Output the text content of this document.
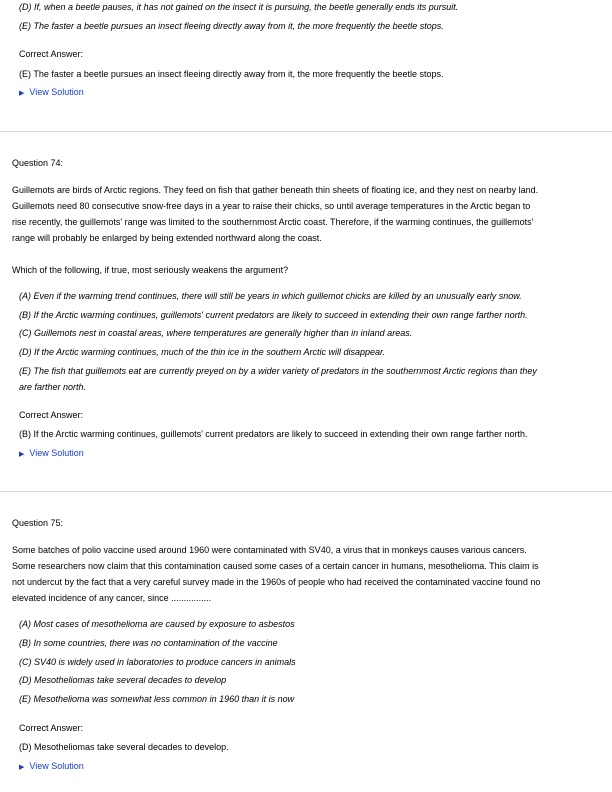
(D) If, when a beetle pauses, it has not gained on the insect it is pursuing, the beetle generally ends its pursuit.
(E) The faster a beetle pursues an insect fleeing directly away from it, the more frequently the beetle stops.
Correct Answer:
(E) The faster a beetle pursues an insect fleeing directly away from it, the more frequently the beetle stops.
▶ View Solution
Question 74:
Guillemots are birds of Arctic regions. They feed on fish that gather beneath thin sheets of floating ice, and they nest on nearby land.
Guillemots need 80 consecutive snow-free days in a year to raise their chicks, so until average temperatures in the Arctic began to
rise recently, the guillemots' range was limited to the southernmost Arctic coast. Therefore, if the warming continues, the guillemots'
range will probably be enlarged by being extended northward along the coast.
Which of the following, if true, most seriously weakens the argument?
(A) Even if the warming trend continues, there will still be years in which guillemot chicks are killed by an unusually early snow.
(B) If the Arctic warming continues, guillemots' current predators are likely to succeed in extending their own range farther north.
(C) Guillemots nest in coastal areas, where temperatures are generally higher than in inland areas.
(D) If the Arctic warming continues, much of the thin ice in the southern Arctic will disappear.
(E) The fish that guillemots eat are currently preyed on by a wider variety of predators in the southernmost Arctic regions than they
are farther north.
Correct Answer:
(B) If the Arctic warming continues, guillemots' current predators are likely to succeed in extending their own range farther north.
▶ View Solution
Question 75:
Some batches of polio vaccine used around 1960 were contaminated with SV40, a virus that in monkeys causes various cancers.
Some researchers now claim that this contamination caused some cases of a certain cancer in humans, mesothelioma. This claim is
not undercut by the fact that a very careful survey made in the 1960s of people who had received the contaminated vaccine found no
elevated incidence of any cancer, since ................
(A) Most cases of mesothelioma are caused by exposure to asbestos
(B) In some countries, there was no contamination of the vaccine
(C) SV40 is widely used in laboratories to produce cancers in animals
(D) Mesotheliomas take several decades to develop
(E) Mesothelioma was somewhat less common in 1960 than it is now
Correct Answer:
(D) Mesotheliomas take several decades to develop.
▶ View Solution
